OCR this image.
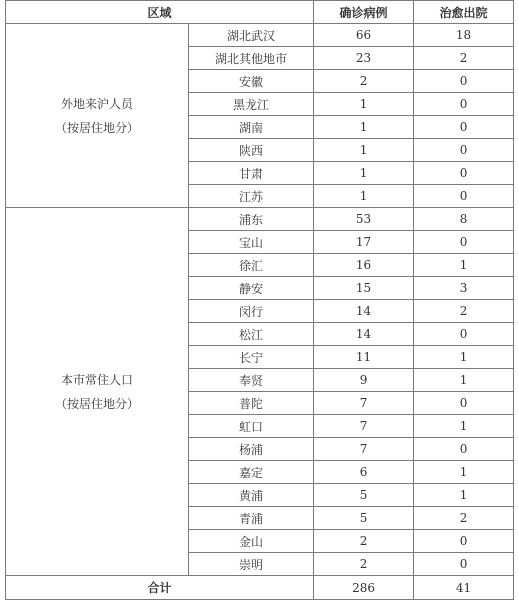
区域		确诊病例	治愈出院

外地来沪人员
（按居住地分）	湖北武汉	66	18
	湖北其他地市	23	2
	安徽	2	0
	黑龙江	1	0
	湖南	1	0
	陕西	1	0
	甘肃	1	0
	江苏	1	0

本市常住人口
（按居住地分）	浦东	53	8
	宝山	17	0
	徐汇	16	1
	静安	15	3
	闵行	14	2
	松江	14	0
	长宁	11	1
	奉贤	9	1
	普陀	7	0
	虹口	7	1
	杨浦	7	0
	嘉定	6	1
	黄浦	5	1
	青浦	5	2
	金山	2	0
	崇明	2	0
合计		286	41
